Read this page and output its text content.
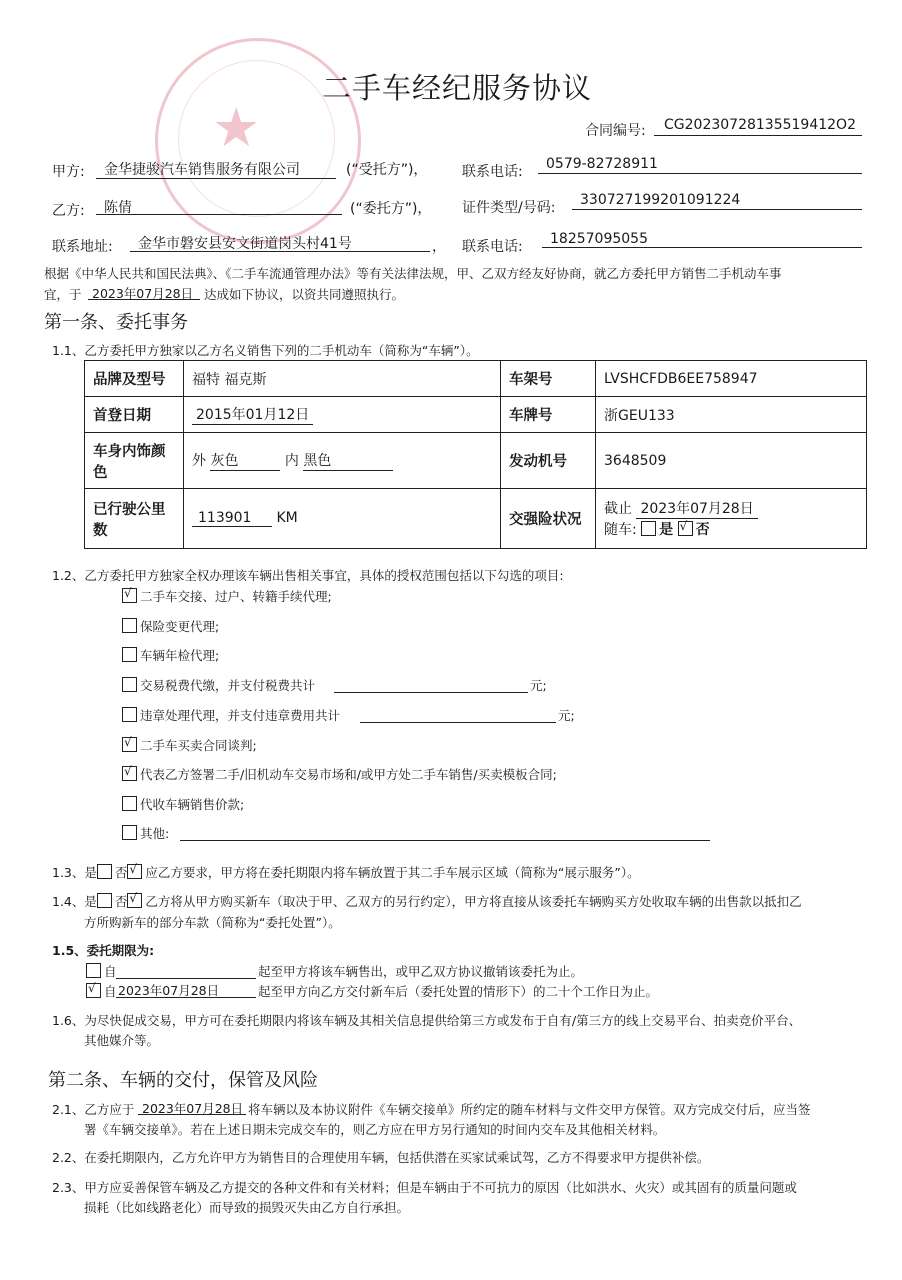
★
二手车经纪服务协议
合同编号: CG20230728135519412O2
甲方: 金华捷骏汽车销售服务有限公司	(“受托方”)， 联系电话: 0579-82728911
乙方: 陈倩	(“委托方”)， 证件类型/号码: 330727199201091224
联系地址: 金华市磐安县安文街道岗头村41号	， 联系电话: 18257095055
根据《中华人民共和国民法典》、《二手车流通管理办法》等有关法律法规，甲、乙双方经友好协商，就乙方委托甲方销售二手机动车事
宜，于 2023年07月28日 达成如下协议，以资共同遵照执行。
第一条、委托事务
1.1、乙方委托甲方独家以乙方名义销售下列的二手机动车（简称为“车辆”）。
品牌及型号	福特 福克斯	车架号	LVSHCFDB6EE758947
首登日期	2015年01月12日	车牌号	浙GEU133
车身内饰颜
色	外 灰色 内 黑色	发动机号	3648509
已行驶公里
数	113901 KM	交强险状况	截止 2023年07月28日
随车: 是 √ 否
1.2、乙方委托甲方独家全权办理该车辆出售相关事宜，具体的授权范围包括以下勾选的项目:
√二手车交接、过户、转籍手续代理;
保险变更代理;
车辆年检代理;
交易税费代缴，并支付税费共计	元;
违章处理代理，并支付违章费用共计	元;
√二手车买卖合同谈判;
√代表乙方签署二手/旧机动车交易市场和/或甲方处二手车销售/买卖模板合同;
代收车辆销售价款;
其他:
1.3、是 否 √ 应乙方要求，甲方将在委托期限内将车辆放置于其二手车展示区域（简称为“展示服务”）。
1.4、是 否 √ 乙方将从甲方购买新车（取决于甲、乙双方的另行约定），甲方将直接从该委托车辆购买方处收取车辆的出售款以抵扣乙
方所购新车的部分车款（简称为“委托处置”）。
1.5、委托期限为:
自	起至甲方将该车辆售出，或甲乙双方协议撤销该委托为止。
√自 2023年07月28日	起至甲方向乙方交付新车后（委托处置的情形下）的二十个工作日为止。
1.6、为尽快促成交易，甲方可在委托期限内将该车辆及其相关信息提供给第三方或发布于自有/第三方的线上交易平台、拍卖竞价平台、
其他媒介等。
第二条、车辆的交付，保管及风险
2.1、乙方应于 2023年07月28日 将车辆以及本协议附件《车辆交接单》所约定的随车材料与文件交甲方保管。双方完成交付后，应当签
署《车辆交接单》。若在上述日期未完成交车的，则乙方应在甲方另行通知的时间内交车及其他相关材料。
2.2、在委托期限内，乙方允许甲方为销售目的合理使用车辆，包括供潜在买家试乘试驾，乙方不得要求甲方提供补偿。
2.3、甲方应妥善保管车辆及乙方提交的各种文件和有关材料；但是车辆由于不可抗力的原因（比如洪水、火灾）或其固有的质量问题或
损耗（比如线路老化）而导致的损毁灭失由乙方自行承担。
